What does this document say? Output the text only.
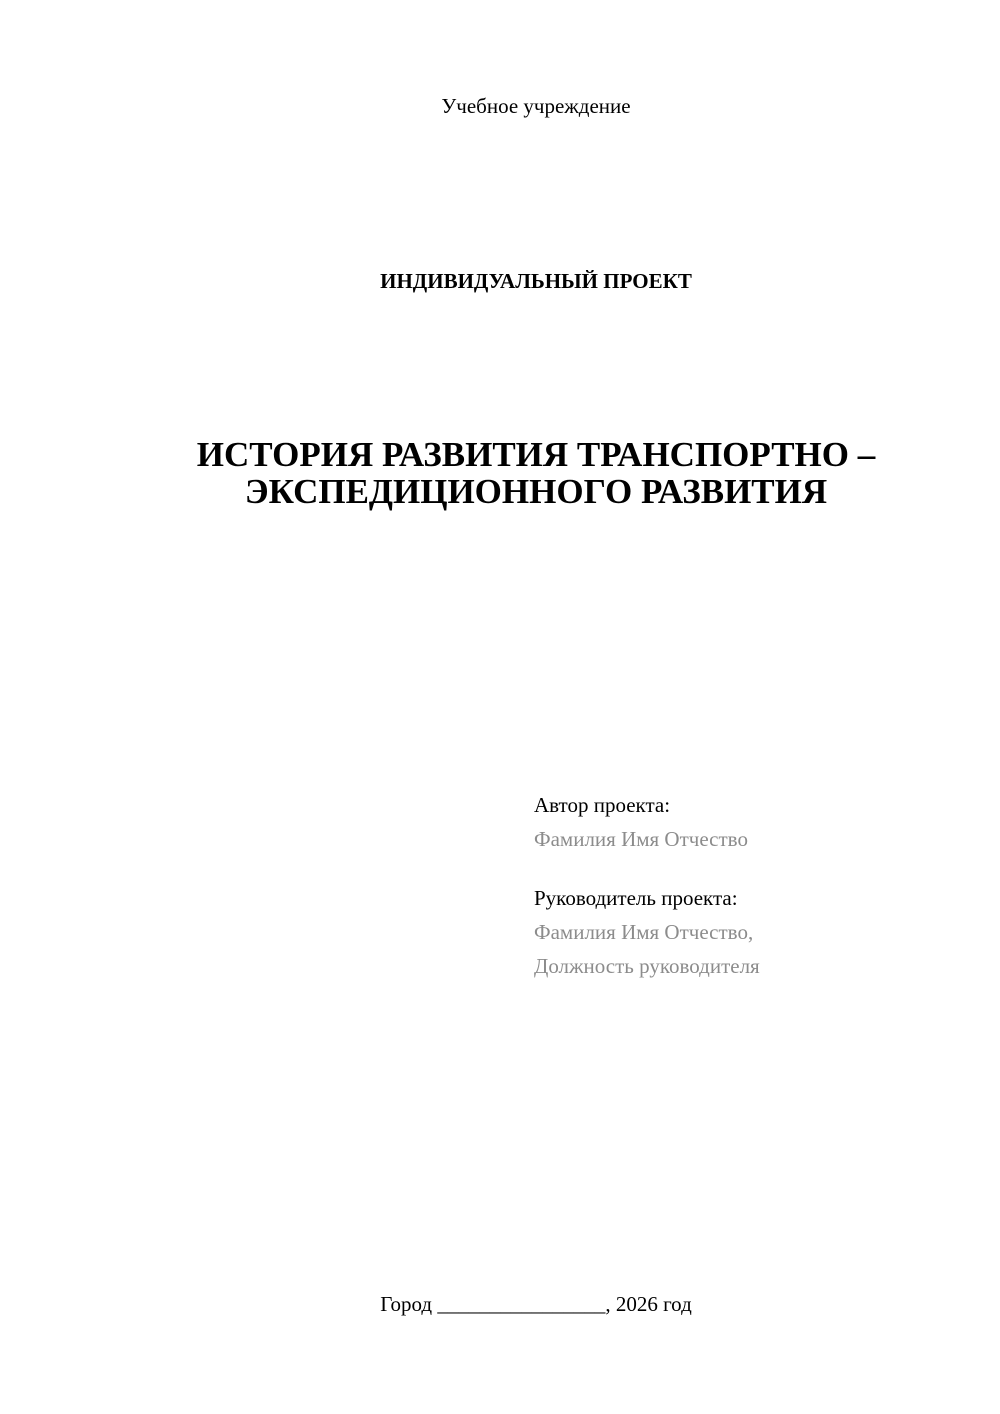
Учебное учреждение
ИНДИВИДУАЛЬНЫЙ ПРОЕКТ
ИСТОРИЯ РАЗВИТИЯ ТРАНСПОРТНО –
ЭКСПЕДИЦИОННОГО РАЗВИТИЯ
Автор проекта:
Фамилия Имя Отчество
Руководитель проекта:
Фамилия Имя Отчество,
Должность руководителя
Город ________________, 2026 год
